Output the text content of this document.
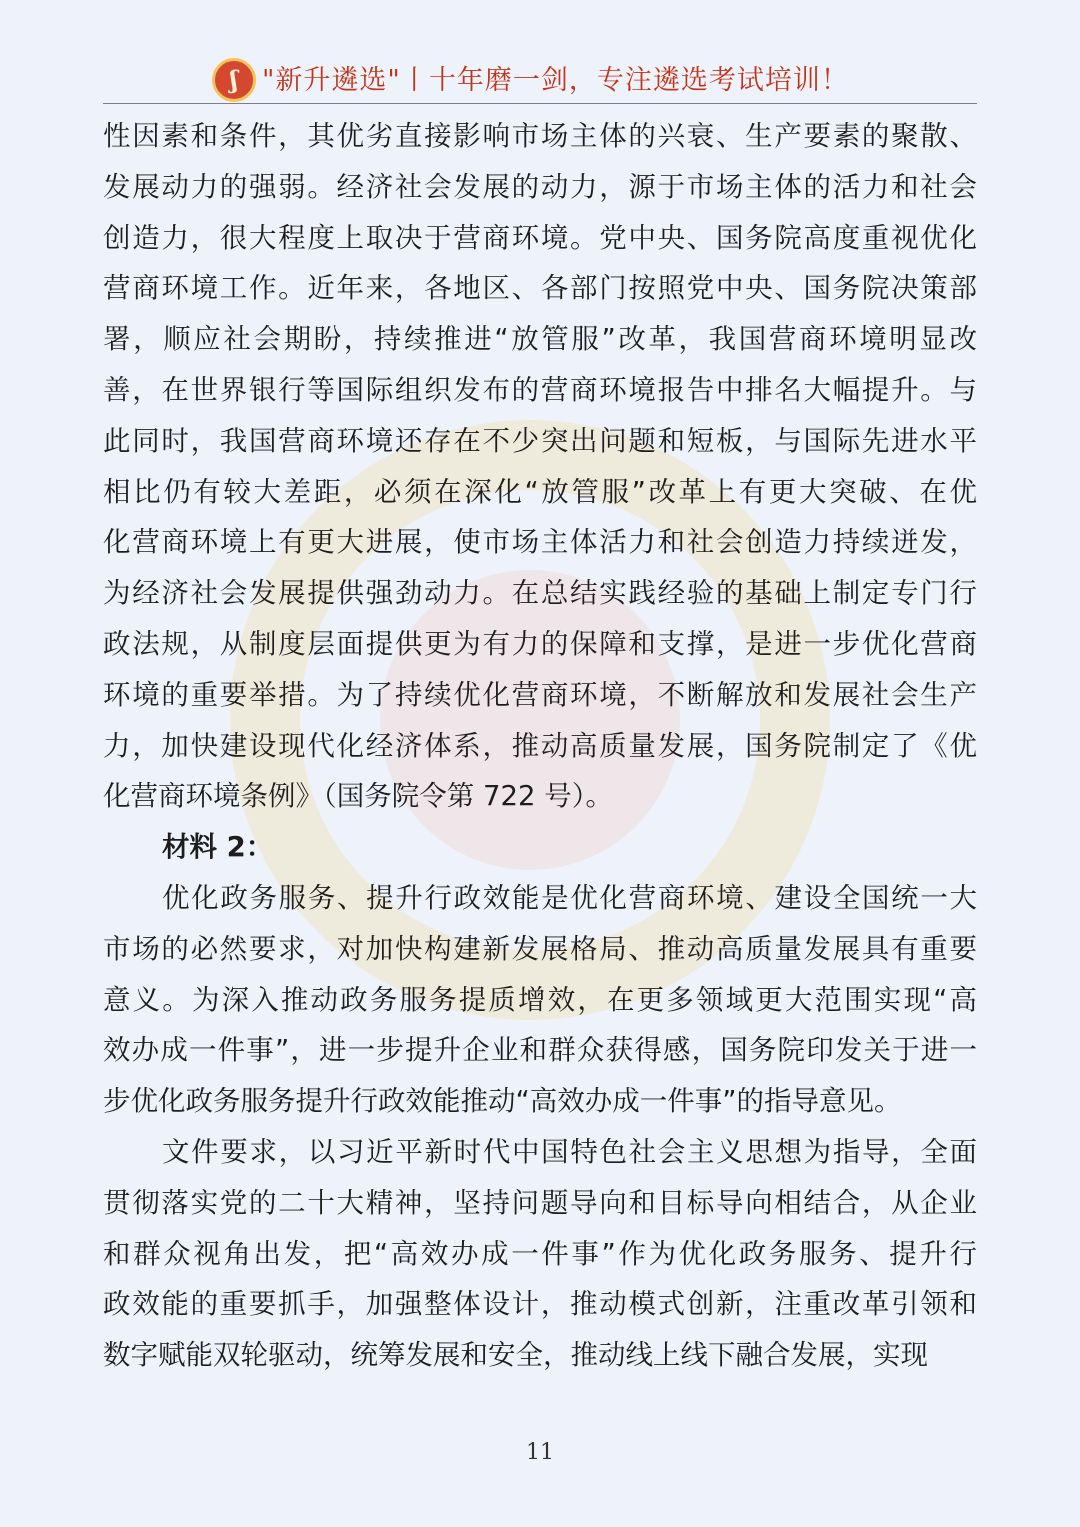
ʃ "新升遴选"丨十年磨一剑，专注遴选考试培训！
性因素和条件，其优劣直接影响市场主体的兴衰、生产要素的聚散、
发展动力的强弱。经济社会发展的动力，源于市场主体的活力和社会
创造力，很大程度上取决于营商环境。党中央、国务院高度重视优化
营商环境工作。近年来，各地区、各部门按照党中央、国务院决策部
署，顺应社会期盼，持续推进“放管服”改革，我国营商环境明显改
善，在世界银行等国际组织发布的营商环境报告中排名大幅提升。与
此同时，我国营商环境还存在不少突出问题和短板，与国际先进水平
相比仍有较大差距，必须在深化“放管服”改革上有更大突破、在优
化营商环境上有更大进展，使市场主体活力和社会创造力持续迸发，
为经济社会发展提供强劲动力。在总结实践经验的基础上制定专门行
政法规，从制度层面提供更为有力的保障和支撑，是进一步优化营商
环境的重要举措。为了持续优化营商环境，不断解放和发展社会生产
力，加快建设现代化经济体系，推动高质量发展，国务院制定了《优
化营商环境条例》（国务院令第 722 号）。
材料 2：
优化政务服务、提升行政效能是优化营商环境、建设全国统一大
市场的必然要求，对加快构建新发展格局、推动高质量发展具有重要
意义。为深入推动政务服务提质增效，在更多领域更大范围实现“高
效办成一件事”，进一步提升企业和群众获得感，国务院印发关于进一
步优化政务服务提升行政效能推动“高效办成一件事”的指导意见。
文件要求，以习近平新时代中国特色社会主义思想为指导，全面
贯彻落实党的二十大精神，坚持问题导向和目标导向相结合，从企业
和群众视角出发，把“高效办成一件事”作为优化政务服务、提升行
政效能的重要抓手，加强整体设计，推动模式创新，注重改革引领和
数字赋能双轮驱动，统筹发展和安全，推动线上线下融合发展，实现
11
